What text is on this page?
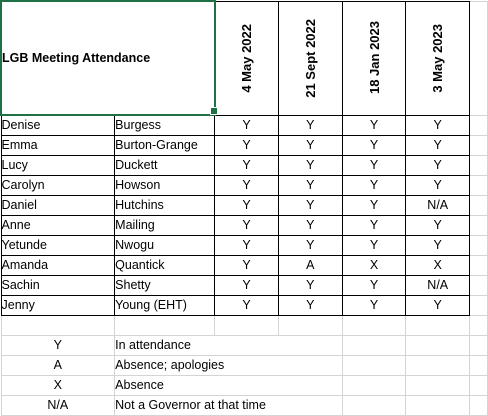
LGB Meeting Attendance		4 May 2022	21 Sept 2022	18 Jan 2023	3 May 2023	

Denise	Burgess	Y	Y	Y	Y	
Emma	Burton-Grange	Y	Y	Y	Y	
Lucy	Duckett	Y	Y	Y	Y	
Carolyn	Howson	Y	Y	Y	Y	
Daniel	Hutchins	Y	Y	Y	N/A	
Anne	Mailing	Y	Y	Y	Y	
Yetunde	Nwogu	Y	Y	Y	Y	
Amanda	Quantick	Y	A	X	X	
Sachin	Shetty	Y	Y	Y	N/A	
Jenny	Young (EHT)	Y	Y	Y	Y	

Y	In attendance					
A	Absence; apologies					
X	Absence					
N/A	Not a Governor at that time					
